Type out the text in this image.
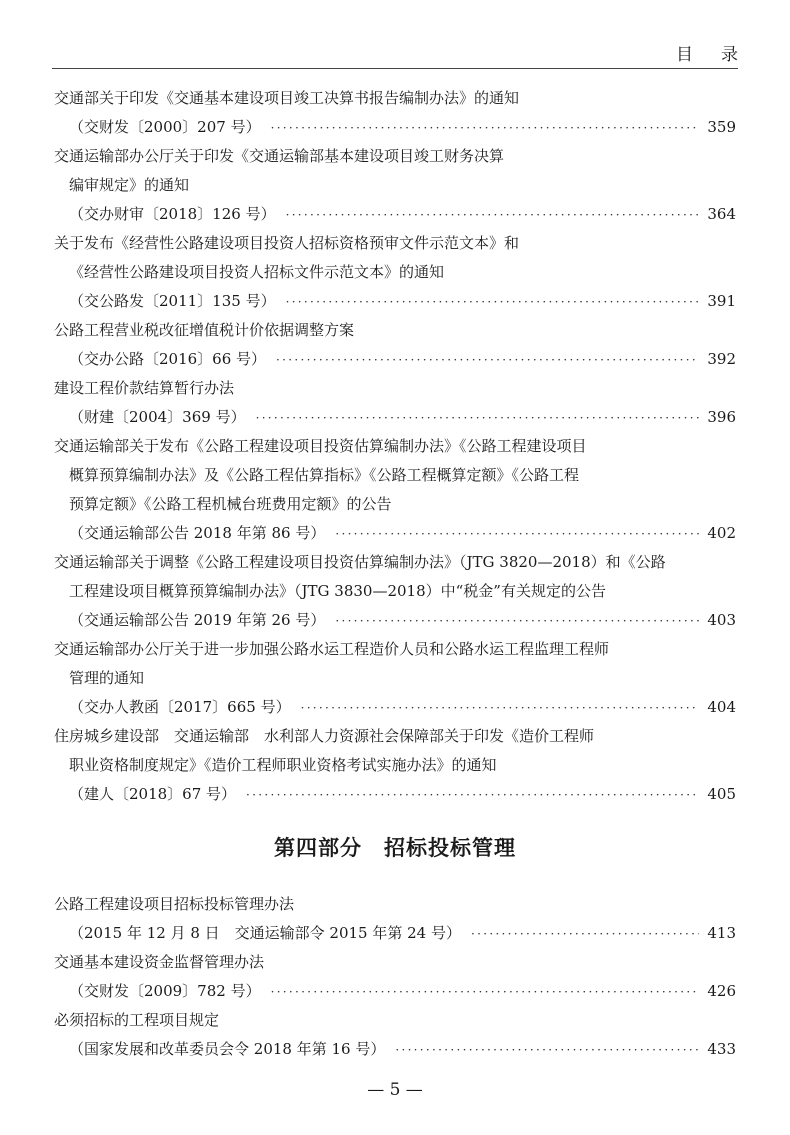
目录
交通部关于印发《交通基本建设项目竣工决算书报告编制办法》的通知
（交财发〔2000〕207 号） ·····	359
交通运输部办公厅关于印发《交通运输部基本建设项目竣工财务决算
编审规定》的通知
（交办财审〔2018〕126 号） ·····	364
关于发布《经营性公路建设项目投资人招标资格预审文件示范文本》和
《经营性公路建设项目投资人招标文件示范文本》的通知
（交公路发〔2011〕135 号） ·····	391
公路工程营业税改征增值税计价依据调整方案
（交办公路〔2016〕66 号） ·····	392
建设工程价款结算暂行办法
（财建〔2004〕369 号） ·····	396
交通运输部关于发布《公路工程建设项目投资估算编制办法》《公路工程建设项目
概算预算编制办法》及《公路工程估算指标》《公路工程概算定额》《公路工程
预算定额》《公路工程机械台班费用定额》的公告
（交通运输部公告 2018 年第 86 号） ·····	402
交通运输部关于调整《公路工程建设项目投资估算编制办法》（JTG 3820—2018）和《公路
工程建设项目概算预算编制办法》（JTG 3830—2018）中“税金”有关规定的公告
（交通运输部公告 2019 年第 26 号） ·····	403
交通运输部办公厅关于进一步加强公路水运工程造价人员和公路水运工程监理工程师
管理的通知
（交办人教函〔2017〕665 号） ·····	404
住房城乡建设部　交通运输部　水利部人力资源社会保障部关于印发《造价工程师
职业资格制度规定》《造价工程师职业资格考试实施办法》的通知
（建人〔2018〕67 号） ·····	405
第四部分　招标投标管理
公路工程建设项目招标投标管理办法
（2015 年 12 月 8 日　交通运输部令 2015 年第 24 号） ·····	413
交通基本建设资金监督管理办法
（交财发〔2009〕782 号） ·····	426
必须招标的工程项目规定
（国家发展和改革委员会令 2018 年第 16 号） ·····	433
— 5 —
